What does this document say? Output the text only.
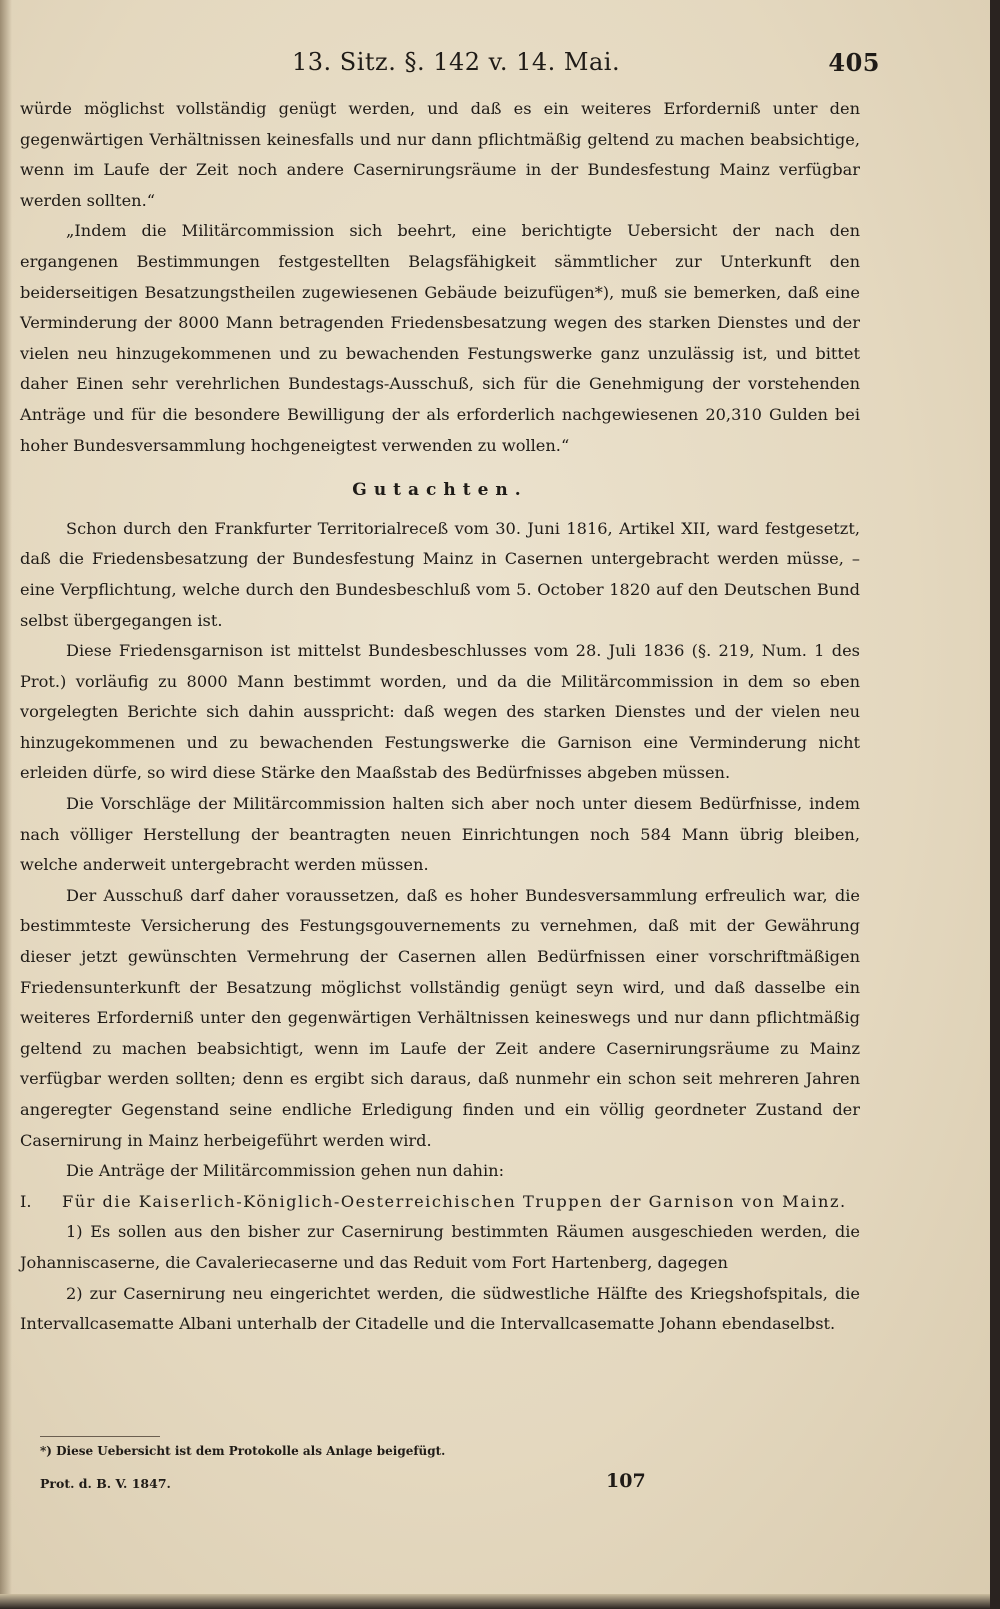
13. Sitz. §. 142 v. 14. Mai.	405

würde möglichst vollständig genügt werden, und daß es ein weiteres Erforderniß unter den gegenwärtigen Verhältnissen keinesfalls und nur dann pflichtmäßig geltend zu machen beabsichtige, wenn im Laufe der Zeit noch andere Casernirungsräume in der Bundesfestung Mainz verfügbar werden sollten.“

„Indem die Militärcommission sich beehrt, eine berichtigte Uebersicht der nach den ergangenen Bestimmungen festgestellten Belagsfähigkeit sämmtlicher zur Unterkunft den beiderseitigen Besatzungstheilen zugewiesenen Gebäude beizufügen*), muß sie bemerken, daß eine Verminderung der 8000 Mann betragenden Friedensbesatzung wegen des starken Dienstes und der vielen neu hinzugekommenen und zu bewachenden Festungswerke ganz unzulässig ist, und bittet daher Einen sehr verehrlichen Bundestags-Ausschuß, sich für die Genehmigung der vorstehenden Anträge und für die besondere Bewilligung der als erforderlich nachgewiesenen 20,310 Gulden bei hoher Bundesversammlung hochgeneigtest verwenden zu wollen.“

Gutachten.

Schon durch den Frankfurter Territorialreceß vom 30. Juni 1816, Artikel XII, ward festgesetzt, daß die Friedensbesatzung der Bundesfestung Mainz in Casernen untergebracht werden müsse, – eine Verpflichtung, welche durch den Bundesbeschluß vom 5. October 1820 auf den Deutschen Bund selbst übergegangen ist.

Diese Friedensgarnison ist mittelst Bundesbeschlusses vom 28. Juli 1836 (§. 219, Num. 1 des Prot.) vorläufig zu 8000 Mann bestimmt worden, und da die Militärcommission in dem so eben vorgelegten Berichte sich dahin ausspricht: daß wegen des starken Dienstes und der vielen neu hinzugekommenen und zu bewachenden Festungswerke die Garnison eine Verminderung nicht erleiden dürfe, so wird diese Stärke den Maaßstab des Bedürfnisses abgeben müssen.

Die Vorschläge der Militärcommission halten sich aber noch unter diesem Bedürfnisse, indem nach völliger Herstellung der beantragten neuen Einrichtungen noch 584 Mann übrig bleiben, welche anderweit untergebracht werden müssen.

Der Ausschuß darf daher voraussetzen, daß es hoher Bundesversammlung erfreulich war, die bestimmteste Versicherung des Festungsgouvernements zu vernehmen, daß mit der Gewährung dieser jetzt gewünschten Vermehrung der Casernen allen Bedürfnissen einer vorschriftmäßigen Friedensunterkunft der Besatzung möglichst vollständig genügt seyn wird, und daß dasselbe ein weiteres Erforderniß unter den gegenwärtigen Verhältnissen keineswegs und nur dann pflichtmäßig geltend zu machen beabsichtigt, wenn im Laufe der Zeit andere Casernirungsräume zu Mainz verfügbar werden sollten; denn es ergibt sich daraus, daß nunmehr ein schon seit mehreren Jahren angeregter Gegenstand seine endliche Erledigung finden und ein völlig geordneter Zustand der Casernirung in Mainz herbeigeführt werden wird.

Die Anträge der Militärcommission gehen nun dahin:

I. Für die Kaiserlich-Königlich-Oesterreichischen Truppen der Garnison von Mainz.

1) Es sollen aus den bisher zur Casernirung bestimmten Räumen ausgeschieden werden, die Johanniscaserne, die Cavaleriecaserne und das Reduit vom Fort Hartenberg, dagegen

2) zur Casernirung neu eingerichtet werden, die südwestliche Hälfte des Kriegshofspitals, die Intervallcasematte Albani unterhalb der Citadelle und die Intervallcasematte Johann ebendaselbst.

*) Diese Uebersicht ist dem Protokolle als Anlage beigefügt.
Prot. d. B. V. 1847.	107
